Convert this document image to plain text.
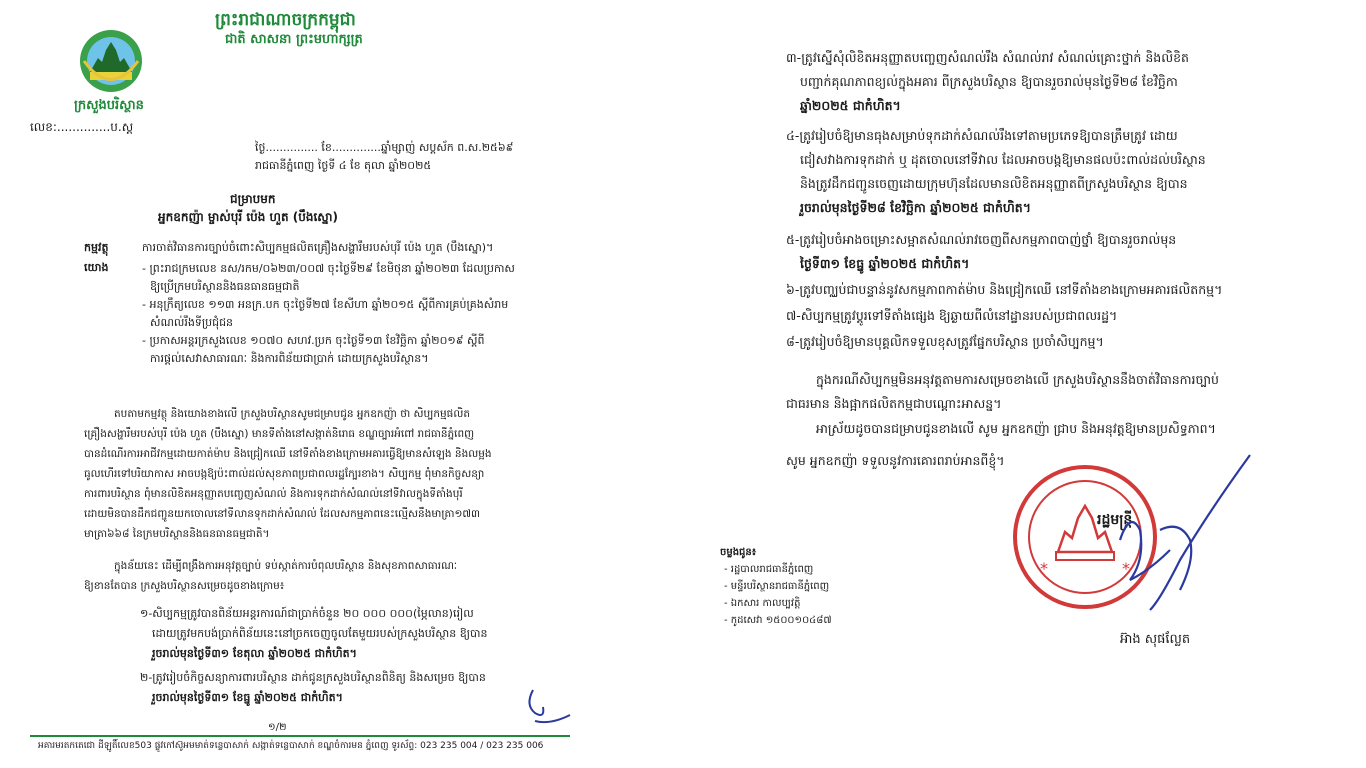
ក្រសួងបរិស្ថាន
ព្រះរាជាណាចក្រកម្ពុជា
ជាតិ សាសនា ព្រះមហាក្សត្រ
លេខ:..............ប.ស្ត
ថ្ងៃ............... ខែ..............ឆ្នាំម្សាញ់ សប្តស័ក ព.ស.២៥៦៩
រាជធានីភ្នំពេញ ថ្ងៃទី ៤ ខែ តុលា ឆ្នាំ២០២៥
ជម្រាបមក
អ្នកឧកញ៉ា ម្ចាស់បុរី ប៉េង ហួត (បឹងស្នោ)
កម្មវត្ថុ	ការចាត់វិធានការច្បាប់ចំពោះសិប្បកម្មផលិតគ្រឿងសង្ហារឹមរបស់បុរី ប៉េង ហួត (បឹងស្នោ)។
យោង	- ព្រះរាជក្រមលេខ នស/រកម/០៦២៣/០០៧ ចុះថ្ងៃទី២៩ ខែមិថុនា ឆ្នាំ២០២៣ ដែលប្រកាស
ឱ្យប្រើក្រមបរិស្ថាននិងធនធានធម្មជាតិ
- អនុក្រឹត្យលេខ ១១៣ អនក្រ.បក ចុះថ្ងៃទី២៧ ខែសីហា ឆ្នាំ២០១៥ ស្តីពីការគ្រប់គ្រងសំរាម
សំណល់រឹងទីប្រជុំជន
- ប្រកាសអន្តរក្រសួងលេខ ១០៧០ សហវ.ប្រក ចុះថ្ងៃទី១៣ ខែវិច្ឆិកា ឆ្នាំ២០១៩ ស្តីពី
ការផ្តល់សេវាសាធារណៈ និងការពិន័យជាប្រាក់ ដោយក្រសួងបរិស្ថាន។
តបតាមកម្មវត្ថុ និងយោងខាងលើ ក្រសួងបរិស្ថានសូមជម្រាបជូន អ្នកឧកញ៉ា ថា សិប្បកម្មផលិត
គ្រឿងសង្ហារឹមរបស់បុរី ប៉េង ហួត (បឹងស្នោ) មានទីតាំងនៅសង្កាត់និរោធ ខណ្ឌច្បារអំពៅ រាជធានីភ្នំពេញ
បានដំណើរការអាជីវកម្មដោយកាត់ម៉ាប និងជ្រៀកឈើ នៅទីតាំងខាងក្រោមអគារធ្វើឱ្យមានសំឡេង និងលម្អង
ធូលហើរទៅបរិយាកាស អាចបង្កឱ្យប៉ះពាល់ដល់សុខភាពប្រជាពលរដ្ឋក្បែរខាង។ សិប្បកម្ម ពុំមានកិច្ចសន្យា
ការពារបរិស្ថាន ពុំមានលិខិតអនុញ្ញាតបញ្ចេញសំណល់ និងការទុកដាក់សំណល់នៅទីវាលក្នុងទីតាំងបុរី
ដោយមិនបានដឹកជញ្ជូនយកចោលនៅទីលានទុកដាក់សំណល់ ដែលសកម្មភាពនេះល្មើសនឹងមាត្រា១៧៣
មាត្រា៦៦៨ នៃក្រមបរិស្ថាននិងធនធានធម្មជាតិ។
ក្នុងន័យនេះ ដើម្បីពង្រឹងការអនុវត្តច្បាប់ ទប់ស្កាត់ការបំពុលបរិស្ថាន និងសុខភាពសាធារណៈ
ឱ្យខានតែបាន ក្រសួងបរិស្ថានសម្រេចដូចខាងក្រោម៖
១-សិប្បកម្មត្រូវបានពិន័យអន្តរការណ៍ជាប្រាក់ចំនួន ២០ ០០០ ០០០(ម្ភៃលាន)រៀល
ដោយត្រូវមកបង់ប្រាក់ពិន័យនេះនៅច្រកចេញចូលតែមួយរបស់ក្រសួងបរិស្ថាន ឱ្យបាន
រួចរាល់មុនថ្ងៃទី៣១ ខែតុលា ឆ្នាំ២០២៥ ជាកំហិត។
២-ត្រូវរៀបចំកិច្ចសន្យាការពារបរិស្ថាន ដាក់ជូនក្រសួងបរិស្ថានពិនិត្យ និងសម្រេច ឱ្យបាន
រួចរាល់មុនថ្ងៃទី៣១ ខែធ្នូ ឆ្នាំ២០២៥ ជាកំហិត។
១/២
អគារមរតកតេជោ ដីឡូតិ៍លេខ503 ផ្លូវកៅស៊ូអមមាត់ទន្លេបាសាក់ សង្កាត់ទន្លេបាសាក់ ខណ្ឌចំការមន ភ្នំពេញ ទូរស័ព្ទ: 023 235 004 / 023 235 006
៣-ត្រូវស្នើសុំលិខិតអនុញ្ញាតបញ្ចេញសំណល់រឹង សំណល់រាវ សំណល់គ្រោះថ្នាក់ និងលិខិត
បញ្ជាក់គុណភាពខ្យល់ក្នុងអគារ ពីក្រសួងបរិស្ថាន ឱ្យបានរួចរាល់មុនថ្ងៃទី២៨ ខែវិច្ឆិកា
ឆ្នាំ២០២៥ ជាកំហិត។
៤-ត្រូវរៀបចំឱ្យមានធុងសម្រាប់ទុកដាក់សំណល់រឹងទៅតាមប្រភេទឱ្យបានត្រឹមត្រូវ ដោយ
ជៀសវាងការទុកដាក់ ឬ ដុតចោលនៅទីវាល ដែលអាចបង្កឱ្យមានផលប៉ះពាល់ដល់បរិស្ថាន
និងត្រូវដឹកជញ្ជូនចេញដោយក្រុមហ៊ុនដែលមានលិខិតអនុញ្ញាតពីក្រសួងបរិស្ថាន ឱ្យបាន
រួចរាល់មុនថ្ងៃទី២៨ ខែវិច្ឆិកា ឆ្នាំ២០២៥ ជាកំហិត។
៥-ត្រូវរៀបចំអាងចម្រោះសម្អាតសំណល់រាវចេញពីសកម្មភាពបាញ់ថ្នាំ ឱ្យបានរួចរាល់មុន
ថ្ងៃទី៣១ ខែធ្នូ ឆ្នាំ២០២៥ ជាកំហិត។
៦-ត្រូវបញ្ឈប់ជាបន្ទាន់នូវសកម្មភាពកាត់ម៉ាប និងជ្រៀកឈើ នៅទីតាំងខាងក្រោមអគារផលិតកម្ម។
៧-សិប្បកម្មត្រូវប្តូរទៅទីតាំងផ្សេង ឱ្យឆ្ងាយពីលំនៅដ្ឋានរបស់ប្រជាពលរដ្ឋ។
៨-ត្រូវរៀបចំឱ្យមានបុគ្គលិកទទួលខុសត្រូវផ្នែកបរិស្ថាន ប្រចាំសិប្បកម្ម។
ក្នុងករណីសិប្បកម្មមិនអនុវត្តតាមការសម្រេចខាងលើ ក្រសួងបរិស្ថាននឹងចាត់វិធានការច្បាប់
ជាធរមាន និងផ្អាកផលិតកម្មជាបណ្ដោះអាសន្ន។
អាស្រ័យដូចបានជម្រាបជូនខាងលើ សូម អ្នកឧកញ៉ា ជ្រាប និងអនុវត្តឱ្យមានប្រសិទ្ធភាព។
សូម អ្នកឧកញ៉ា ទទួលនូវការគោរពរាប់អានពីខ្ញុំ។
*	*
រដ្ឋមន្ត្រី
អ៊ាង សុផល្លែត
ចម្លងជូន៖
- រដ្ឋបាលរាជធានីភ្នំពេញ
- មន្ទីរបរិស្ថានរាជធានីភ្នំពេញ
- ឯកសារ កាលប្បវត្តិ
- កូដសេវា ១៥០០១០៤៨៧
